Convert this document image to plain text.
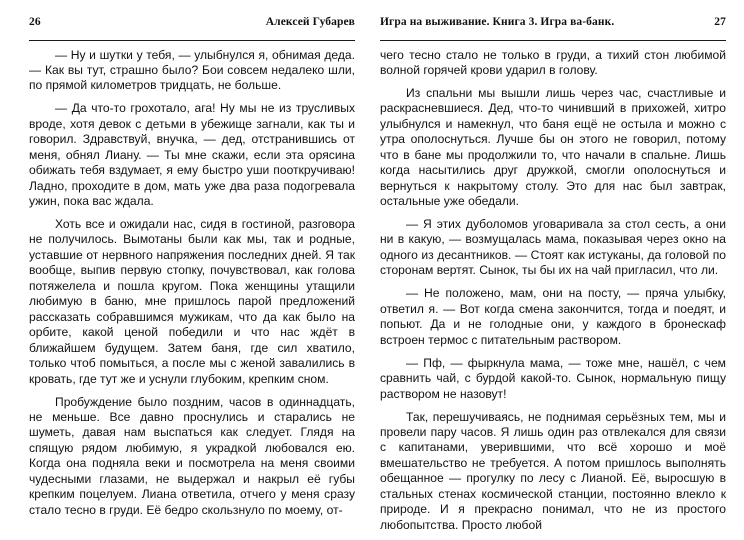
26	Алексей Губарев

— Ну и шутки у тебя, — улыбнулся я, обнимая деда. — Как вы тут, страшно было? Бои совсем недалеко шли, по прямой километров тридцать, не больше.

— Да что-то грохотало, ага! Ну мы не из трусливых вроде, хотя девок с детьми в убежище загнали, как ты и говорил. Здравствуй, внучка, — дед, отстранившись от меня, обнял Лиану. — Ты мне скажи, если эта орясина обижать тебя вздумает, я ему быстро уши пооткручиваю! Ладно, проходите в дом, мать уже два раза подогревала ужин, пока вас ждала.

Хоть все и ожидали нас, сидя в гостиной, разговора не получилось. Вымотаны были как мы, так и родные, уставшие от нервного напряжения последних дней. Я так вообще, выпив первую стопку, почувствовал, как голова потяжелела и пошла кругом. Пока женщины утащили любимую в баню, мне пришлось парой предложений рассказать собравшимся мужикам, что да как было на орбите, какой ценой победили и что нас ждёт в ближайшем будущем. Затем баня, где сил хватило, только чтоб помыться, а после мы с женой завалились в кровать, где тут же и уснули глубоким, крепким сном.

Пробуждение было поздним, часов в одиннадцать, не меньше. Все давно проснулись и старались не шуметь, давая нам выспаться как следует. Глядя на спящую рядом любимую, я украдкой любовался ею. Когда она подняла веки и посмотрела на меня своими чудесными глазами, не выдержал и накрыл её губы крепким поцелуем. Лиана ответила, отчего у меня сразу стало тесно в груди. Её бедро скользнуло по моему, от-

Игра на выживание. Книга 3. Игра ва-банк.	27

чего тесно стало не только в груди, а тихий стон любимой волной горячей крови ударил в голову.

Из спальни мы вышли лишь через час, счастливые и раскрасневшиеся. Дед, что-то чинивший в прихожей, хитро улыбнулся и намекнул, что баня ещё не остыла и можно с утра ополоснуться. Лучше бы он этого не говорил, потому что в бане мы продолжили то, что начали в спальне. Лишь когда насытились друг дружкой, смогли ополоснуться и вернуться к накрытому столу. Это для нас был завтрак, остальные уже обедали.

— Я этих дуболомов уговаривала за стол сесть, а они ни в какую, — возмущалась мама, показывая через окно на одного из десантников. — Стоят как истуканы, да головой по сторонам вертят. Сынок, ты бы их на чай пригласил, что ли.

— Не положено, мам, они на посту, — пряча улыбку, ответил я. — Вот когда смена закончится, тогда и поедят, и попьют. Да и не голодные они, у каждого в бронескаф встроен термос с питательным раствором.

— Пф, — фыркнула мама, — тоже мне, нашёл, с чем сравнить чай, с бурдой какой-то. Сынок, нормальную пищу раствором не назовут!

Так, перешучиваясь, не поднимая серьёзных тем, мы и провели пару часов. Я лишь один раз отвлекался для связи с капитанами, уверившими, что всё хорошо и моё вмешательство не требуется. А потом пришлось выполнять обещанное — прогулку по лесу с Лианой. Её, выросшую в стальных стенах космической станции, постоянно влекло к природе. И я прекрасно понимал, что не из простого любопытства. Просто любой
